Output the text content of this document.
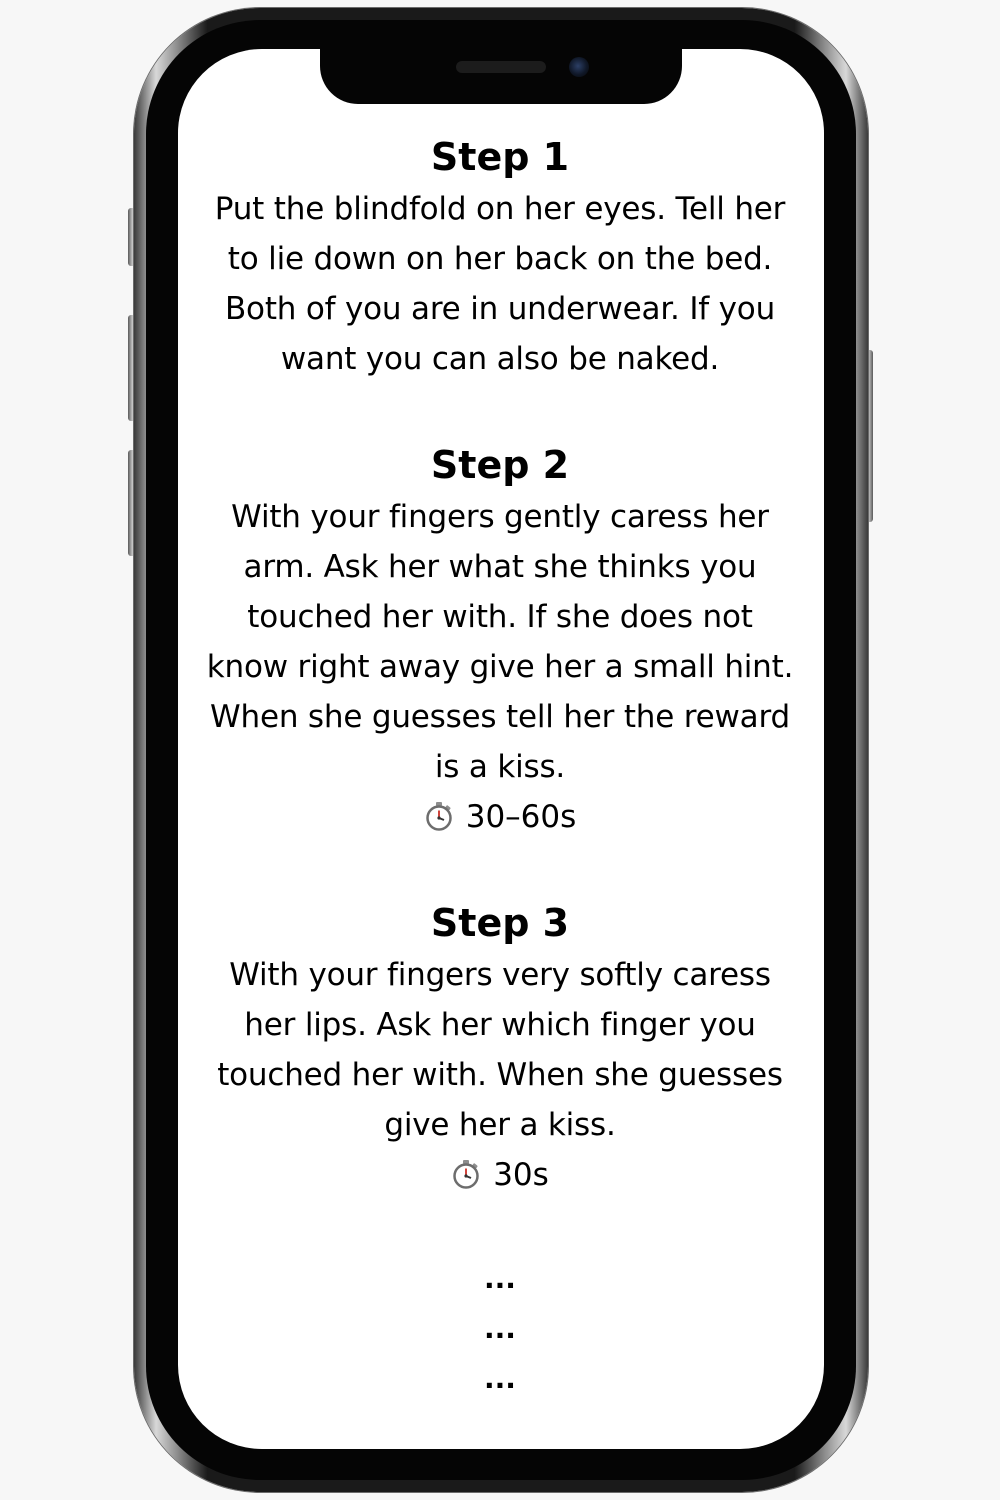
Step 1

Put the blindfold on her eyes. Tell her to lie down on her back on the bed. Both of you are in underwear. If you want you can also be naked.

Step 2

With your fingers gently caress her arm. Ask her what she thinks you touched her with. If she does not know right away give her a small hint. When she guesses tell her the reward is a kiss.

30–60s

Step 3

With your fingers very softly caress her lips. Ask her which finger you touched her with. When she guesses give her a kiss.

30s

...
...
...
